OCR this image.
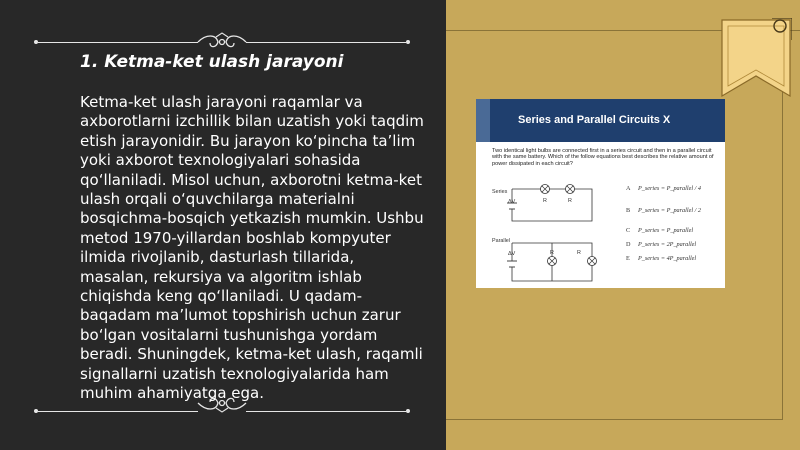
1. Ketma-ket ulash jarayoni
Ketma-ket ulash jarayoni raqamlar va axborotlarni izchillik bilan uzatish yoki taqdim etish jarayonidir. Bu jarayon ko‘pincha ta’lim yoki axborot texnologiyalari sohasida qo‘llaniladi. Misol uchun, axborotni ketma-ket ulash orqali o‘quvchilarga materialni bosqichma-bosqich yetkazish mumkin. Ushbu metod 1970-yillardan boshlab kompyuter ilmida rivojlanib, dasturlash tillarida, masalan, rekursiya va algoritm ishlab chiqishda keng qo‘llaniladi. U qadam-baqadam ma’lumot topshirish uchun zarur bo‘lgan vositalarni tushunishga yordam beradi. Shuningdek, ketma-ket ulash, raqamli signallarni uzatish texnologiyalarida ham muhim ahamiyatga ega.
Series and Parallel Circuits X
Two identical light bulbs are connected first in a series circuit and then in a parallel circuit with the same battery. Which of the follow equations best describes the relative amount of power dissipated in each circuit?
Series
Parallel
ΔV
ΔV
R	R
R	R
A P_series = P_parallel / 4
B P_series = P_parallel / 2
C P_series = P_parallel
D P_series = 2P_parallel
E P_series = 4P_parallel
